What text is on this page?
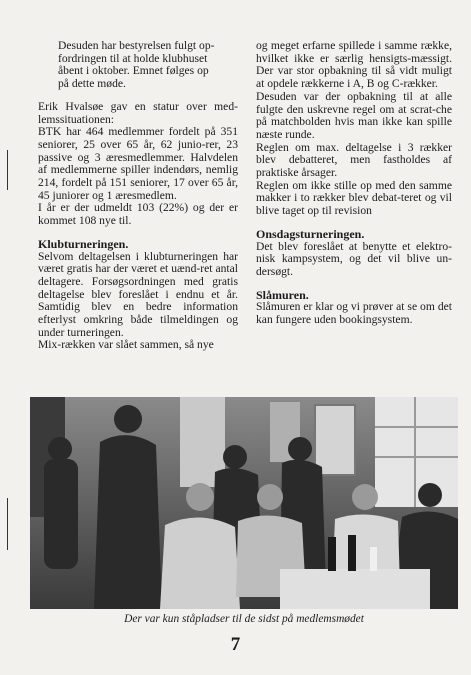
Desuden har bestyrelsen fulgt op-
fordringen til at holde klubhuset
åbent i oktober. Emnet følges op
på dette møde.

Erik Hvalsøe gav en statur over med-lemssituationen:

BTK har 464 medlemmer fordelt på 351 seniorer, 25 over 65 år, 62 junio-rer, 23 passive og 3 æresmedlemmer. Halvdelen af medlemmerne spiller indendørs, nemlig 214, fordelt på 151 seniorer, 17 over 65 år, 45 juniorer og 1 æresmedlem.

I år er der udmeldt 103 (22%) og der er kommet 108 nye til.

Klubturneringen.

Selvom deltagelsen i klubturneringen har været gratis har der været et uænd-ret antal deltagere. Forsøgsordningen med gratis deltagelse blev foreslået i endnu et år. Samtidig blev en bedre information efterlyst omkring både tilmeldingen og under turneringen.

Mix-rækken var slået sammen, så nye

og meget erfarne spillede i samme række, hvilket ikke er særlig hensigts-mæssigt. Der var stor opbakning til så vidt muligt at opdele rækkerne i A, B og C-rækker.

Desuden var der opbakning til at alle fulgte den uskrevne regel om at scrat-che på matchbolden hvis man ikke kan spille næste runde.

Reglen om max. deltagelse i 3 rækker blev debatteret, men fastholdes af praktiske årsager.

Reglen om ikke stille op med den samme makker i to rækker blev debat-teret og vil blive taget op til revision

Onsdagsturneringen.

Det blev foreslået at benytte et elektro-nisk kampsystem, og det vil blive un-dersøgt.

Slåmuren.

Slåmuren er klar og vi prøver at se om det kan fungere uden bookingsystem.

Der var kun ståpladser til de sidst på medlemsmødet
7
